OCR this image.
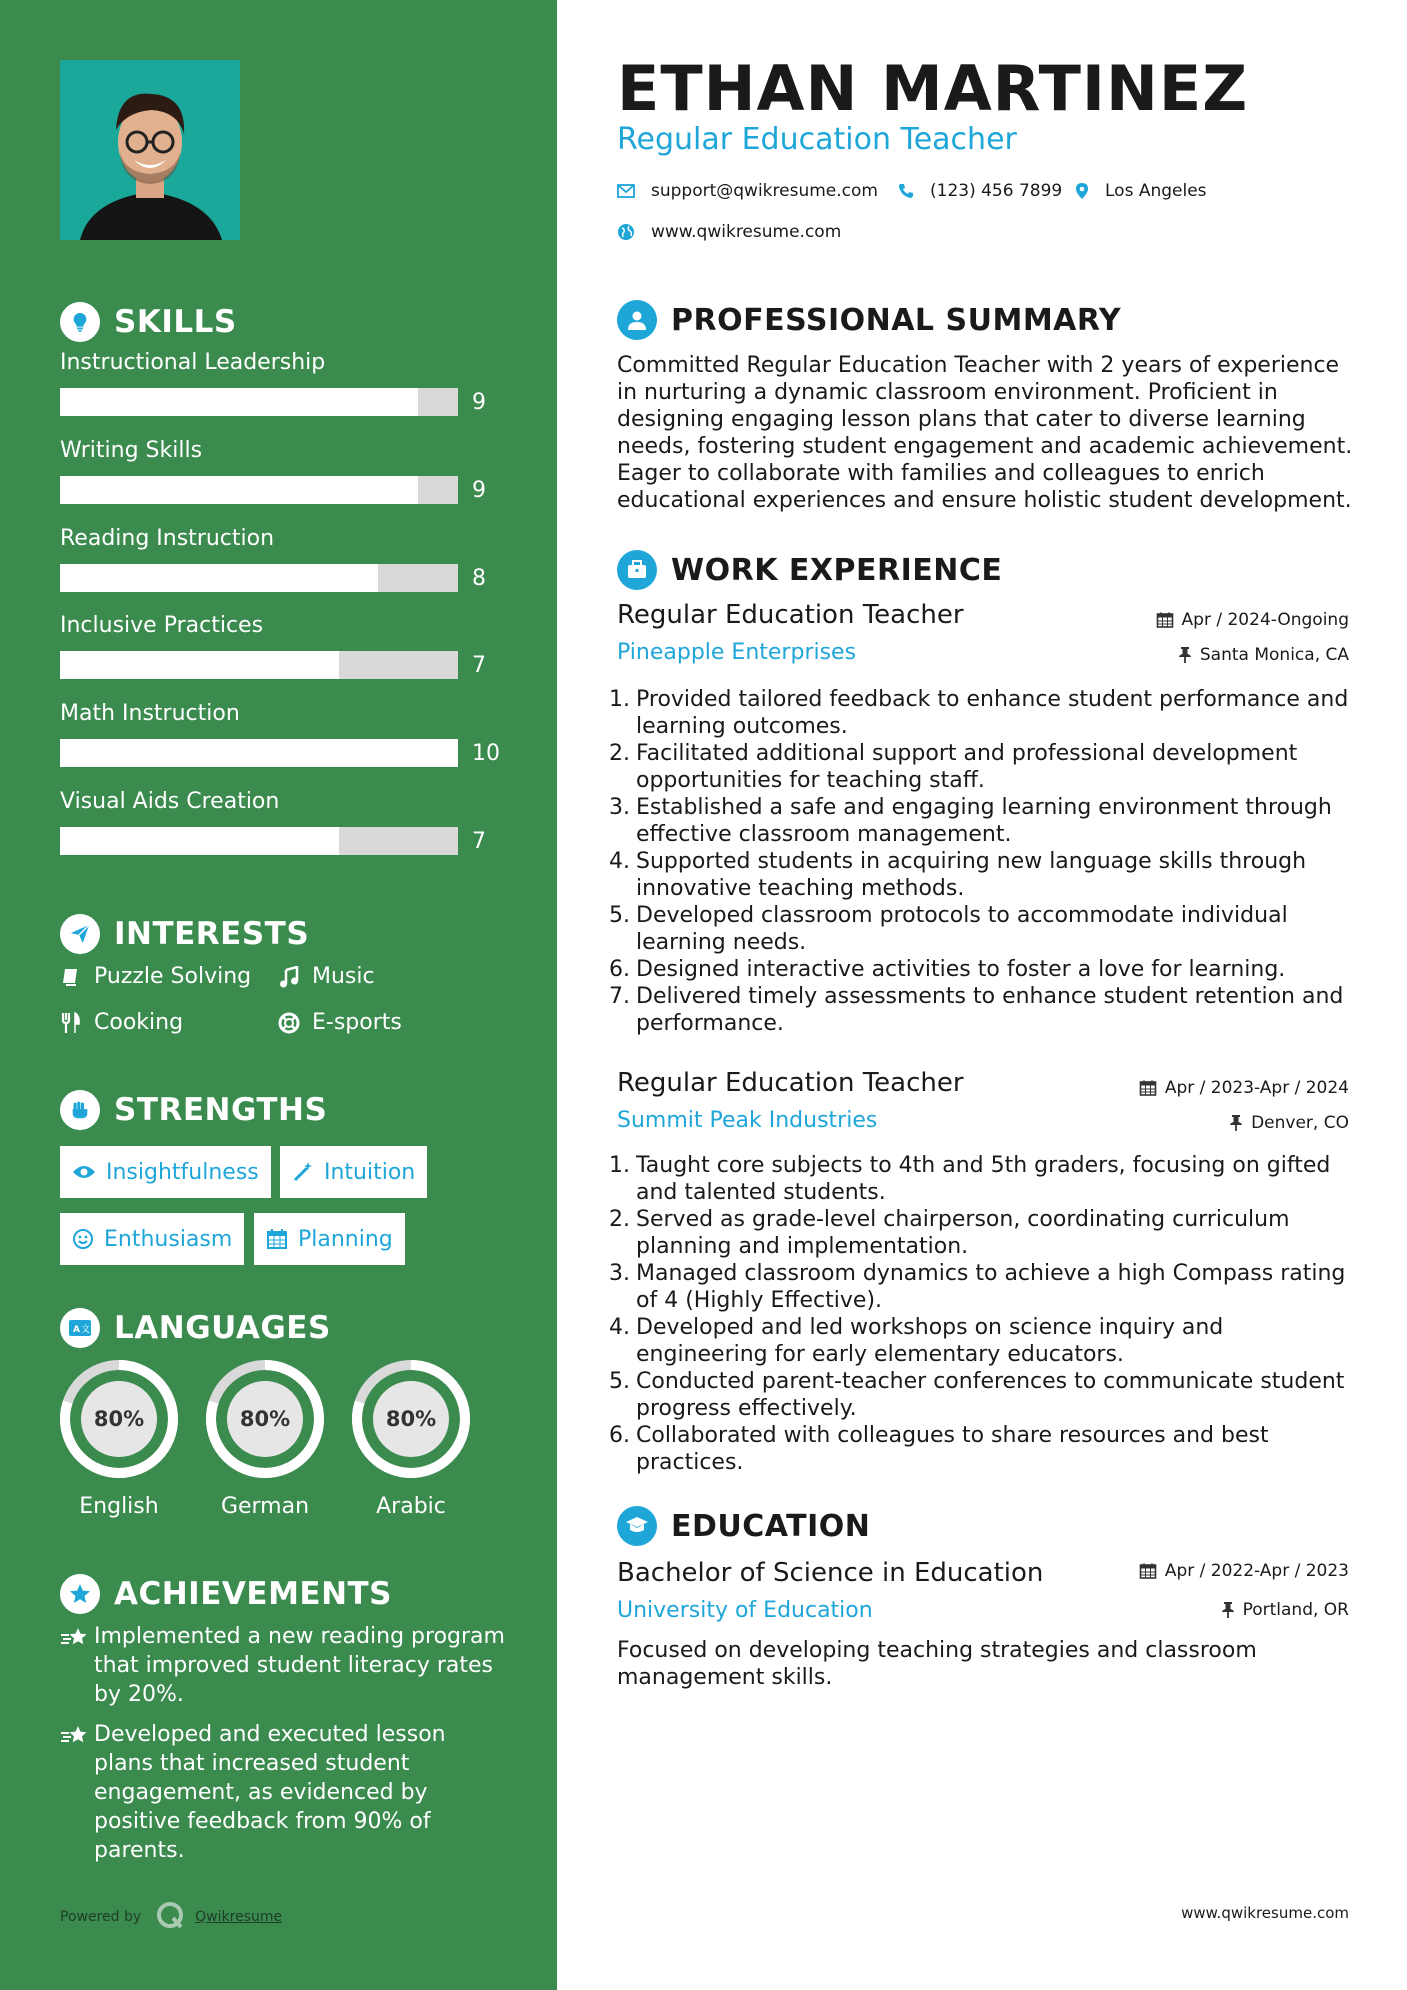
SKILLS
Instructional Leadership
9
Writing Skills
9
Reading Instruction
8
Inclusive Practices
7
Math Instruction
10
Visual Aids Creation
7
INTERESTS
Puzzle Solving	Music
Cooking	E-sports
STRENGTHS
Insightfulness	Intuition
Enthusiasm	Planning
A 文 LANGUAGES
80%
English
80%
German
80%
Arabic
ACHIEVEMENTS
Implemented a new reading program that improved student literacy rates by 20%.
Developed and executed lesson plans that increased student engagement, as evidenced by positive feedback from 90% of parents.
Powered by	Qwikresume
ETHAN MARTINEZ
Regular Education Teacher
support@qwikresume.com	(123) 456 7899	Los Angeles
www.qwikresume.com
PROFESSIONAL SUMMARY
Committed Regular Education Teacher with 2 years of experience in nurturing a dynamic classroom environment. Proficient in designing engaging lesson plans that cater to diverse learning needs, fostering student engagement and academic achievement. Eager to collaborate with families and colleagues to enrich educational experiences and ensure holistic student development.
WORK EXPERIENCE
Regular Education Teacher
Pineapple Enterprises
Apr / 2024-Ongoing
Santa Monica, CA
1. Provided tailored feedback to enhance student performance and learning outcomes.
2. Facilitated additional support and professional development opportunities for teaching staff.
3. Established a safe and engaging learning environment through effective classroom management.
4. Supported students in acquiring new language skills through innovative teaching methods.
5. Developed classroom protocols to accommodate individual learning needs.
6. Designed interactive activities to foster a love for learning.
7. Delivered timely assessments to enhance student retention and performance.
Regular Education Teacher
Summit Peak Industries
Apr / 2023-Apr / 2024
Denver, CO
1. Taught core subjects to 4th and 5th graders, focusing on gifted and talented students.
2. Served as grade-level chairperson, coordinating curriculum planning and implementation.
3. Managed classroom dynamics to achieve a high Compass rating of 4 (Highly Effective).
4. Developed and led workshops on science inquiry and engineering for early elementary educators.
5. Conducted parent-teacher conferences to communicate student progress effectively.
6. Collaborated with colleagues to share resources and best practices.
EDUCATION
Bachelor of Science in Education
University of Education
Apr / 2022-Apr / 2023
Portland, OR
Focused on developing teaching strategies and classroom management skills.
www.qwikresume.com
